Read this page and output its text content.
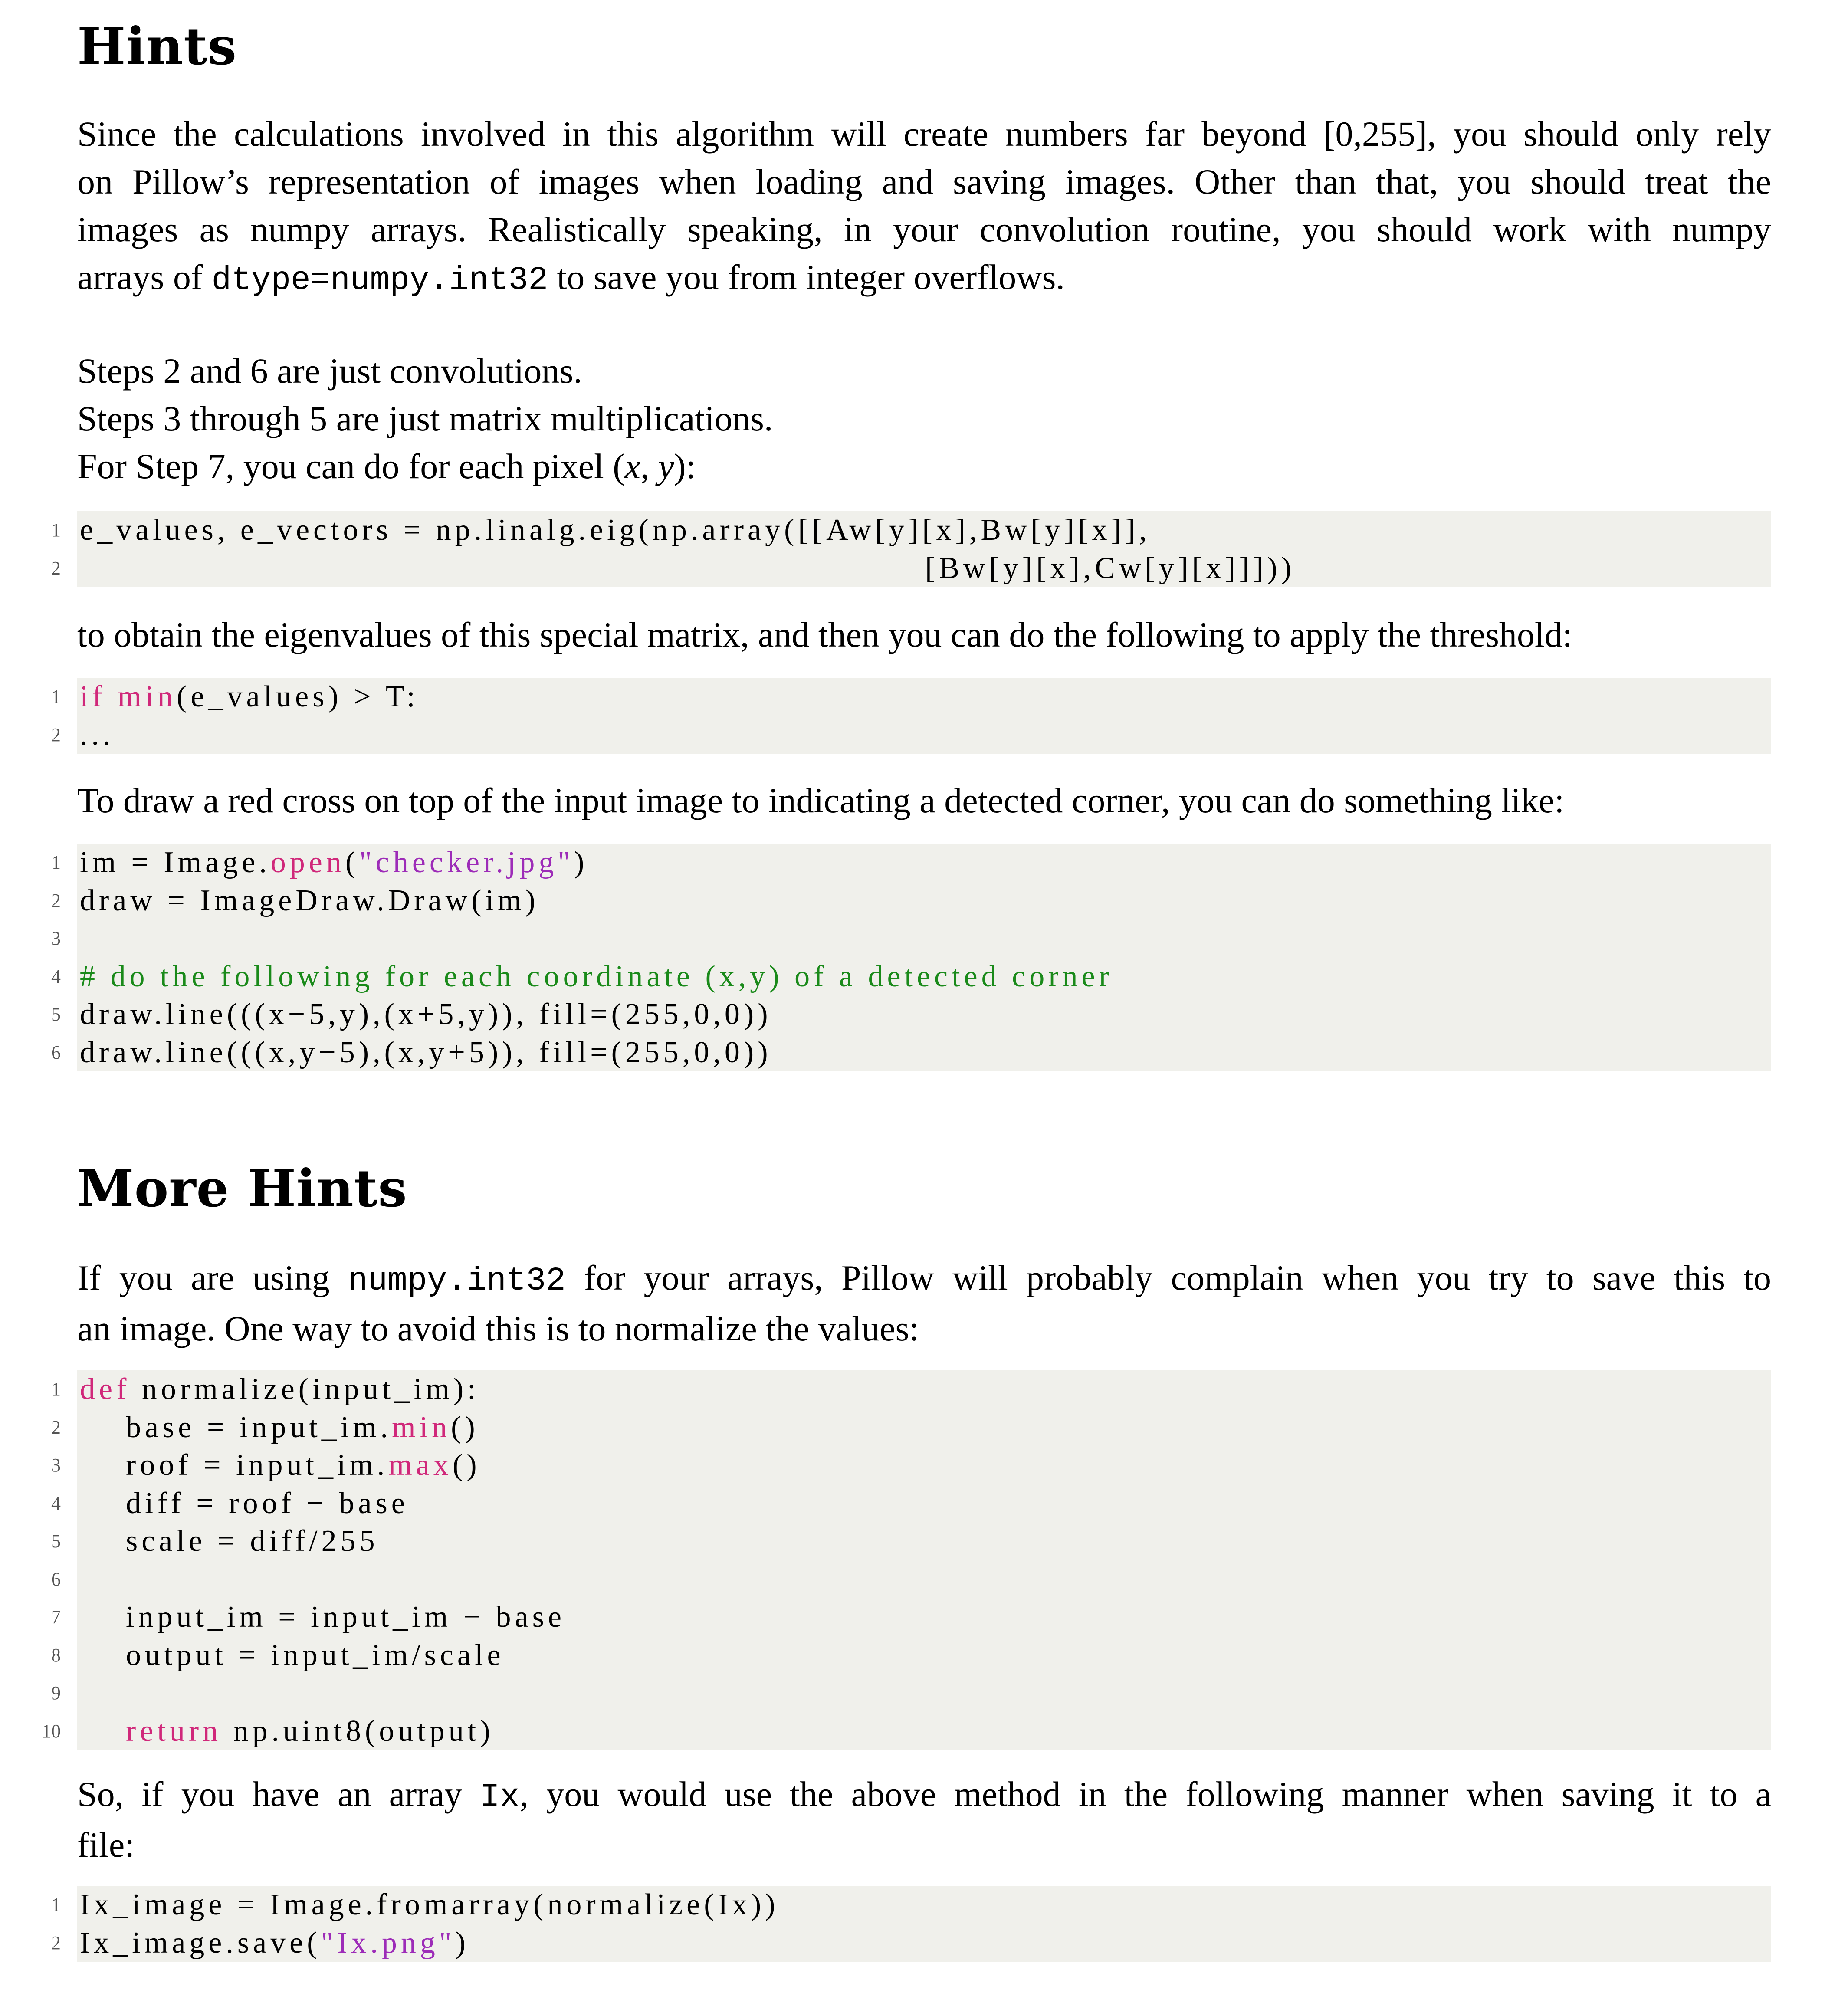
Hints
Since the calculations involved in this algorithm will create numbers far beyond [0,255], you should only rely
on Pillow’s representation of images when loading and saving images. Other than that, you should treat the
images as numpy arrays. Realistically speaking, in your convolution routine, you should work with numpy
arrays of dtype=numpy.int32 to save you from integer overflows.
Steps 2 and 6 are just convolutions.
Steps 3 through 5 are just matrix multiplications.
For Step 7, you can do for each pixel (x, y):
1 e_values, e_vectors = np.linalg.eig(np.array([[Aw[y][x],Bw[y][x]],
2	[Bw[y][x],Cw[y][x]]]))
to obtain the eigenvalues of this special matrix, and then you can do the following to apply the threshold:
1 if min(e_values) > T:
2 ...
To draw a red cross on top of the input image to indicating a detected corner, you can do something like:
1 im = Image.open("checker.jpg")
2 draw = ImageDraw.Draw(im)
3
4 # do the following for each coordinate (x,y) of a detected corner
5 draw.line(((x−5,y),(x+5,y)), fill=(255,0,0))
6 draw.line(((x,y−5),(x,y+5)), fill=(255,0,0))
More Hints
If you are using numpy.int32 for your arrays, Pillow will probably complain when you try to save this to
an image. One way to avoid this is to normalize the values:
1 def normalize(input_im):
2 base = input_im.min()
3 roof = input_im.max()
4 diff = roof − base
5 scale = diff/255
6
7 input_im = input_im − base
8 output = input_im/scale
9
10 return np.uint8(output)
So, if you have an array Ix, you would use the above method in the following manner when saving it to a
file:
1 Ix_image = Image.fromarray(normalize(Ix))
2 Ix_image.save("Ix.png")
